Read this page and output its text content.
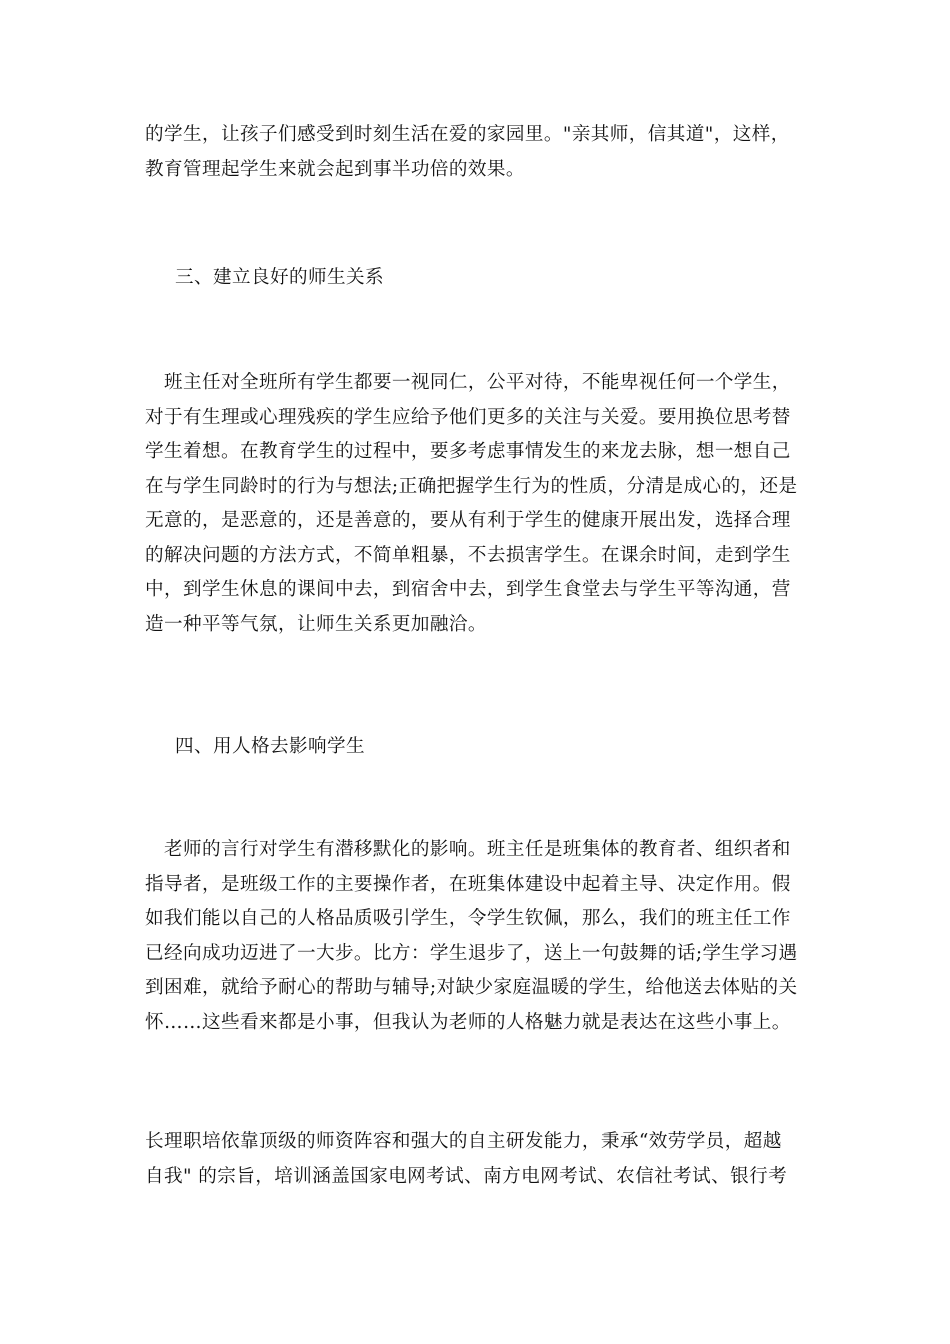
的学生，让孩子们感受到时刻生活在爱的家园里。"亲其师，信其道"，这样，
教育管理起学生来就会起到事半功倍的效果。
三、建立良好的师生关系
　班主任对全班所有学生都要一视同仁，公平对待，不能卑视任何一个学生，
对于有生理或心理残疾的学生应给予他们更多的关注与关爱。要用换位思考替
学生着想。在教育学生的过程中，要多考虑事情发生的来龙去脉，想一想自己
在与学生同龄时的行为与想法;正确把握学生行为的性质，分清是成心的，还是
无意的，是恶意的，还是善意的，要从有利于学生的健康开展出发，选择合理
的解决问题的方法方式，不简单粗暴，不去损害学生。在课余时间，走到学生
中，到学生休息的课间中去，到宿舍中去，到学生食堂去与学生平等沟通，营
造一种平等气氛，让师生关系更加融洽。
四、用人格去影响学生
　老师的言行对学生有潜移默化的影响。班主任是班集体的教育者、组织者和
指导者，是班级工作的主要操作者，在班集体建设中起着主导、决定作用。假
如我们能以自己的人格品质吸引学生，令学生钦佩，那么，我们的班主任工作
已经向成功迈进了一大步。比方：学生退步了，送上一句鼓舞的话;学生学习遇
到困难，就给予耐心的帮助与辅导;对缺少家庭温暖的学生，给他送去体贴的关
怀……这些看来都是小事，但我认为老师的人格魅力就是表达在这些小事上。
长理职培依靠顶级的师资阵容和强大的自主研发能力，秉承“效劳学员，超越
自我" 的宗旨，培训涵盖国家电网考试、南方电网考试、农信社考试、银行考
